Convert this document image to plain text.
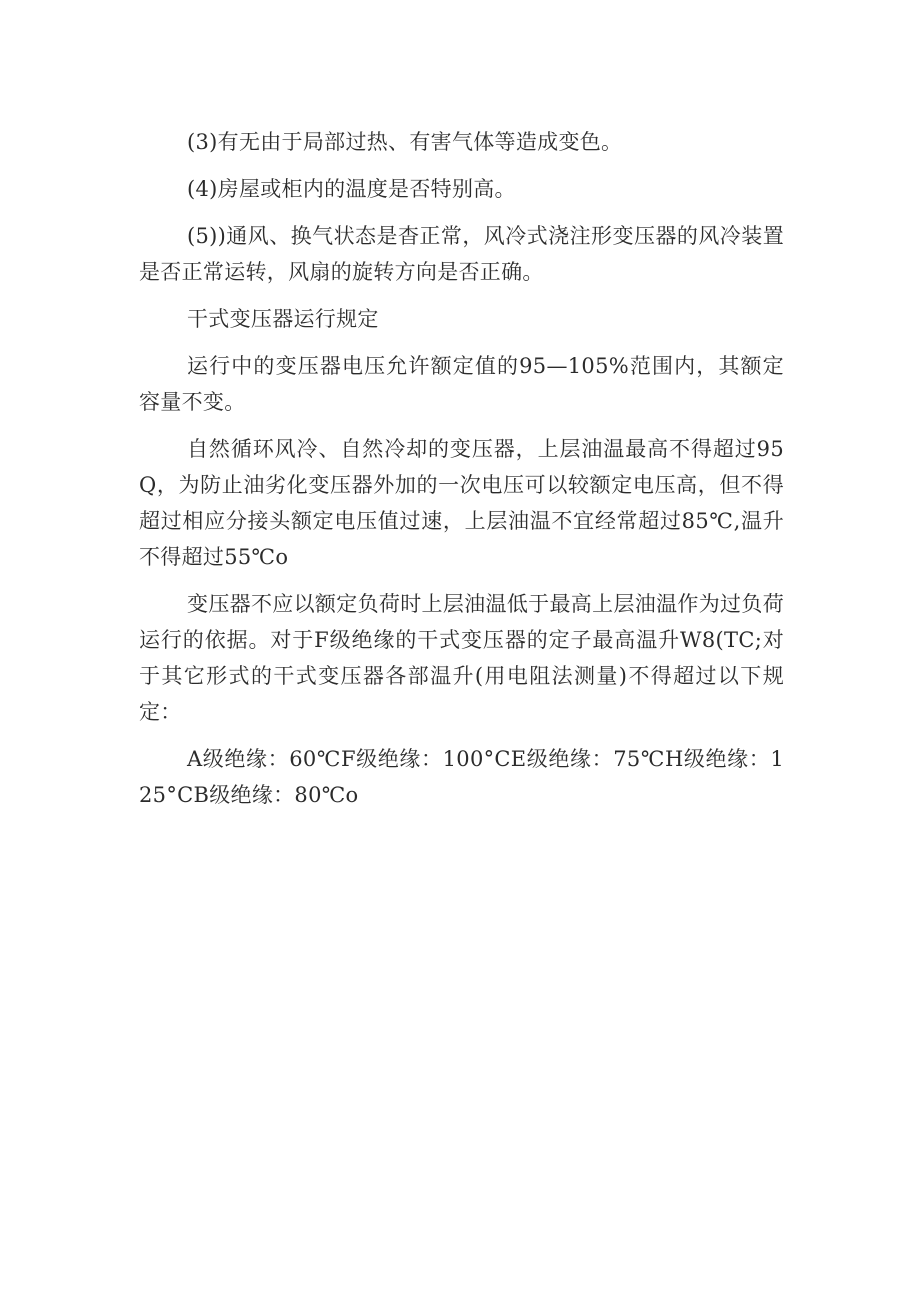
(3)有无由于局部过热、有害气体等造成变色。

(4)房屋或柜内的温度是否特别高。

(5))通风、换气状态是杳正常，风冷式浇注形变压器的风冷装置是否正常运转，风扇的旋转方向是否正确。

干式变压器运行规定

运行中的变压器电压允许额定值的95—105%范围内，其额定容量不变。

自然循环风冷、自然冷却的变压器，上层油温最高不得超过95Q，为防止油劣化变压器外加的一次电压可以较额定电压高，但不得超过相应分接头额定电压值过速，上层油温不宜经常超过85℃,温升不得超过55℃o

变压器不应以额定负荷时上层油温低于最高上层油温作为过负荷运行的依据。对于F级绝缘的干式变压器的定子最高温升W8(TC;对于其它形式的干式变压器各部温升(用电阻法测量)不得超过以下规定：

A级绝缘：60℃F级绝缘：100°CE级绝缘：75℃H级绝缘：125°CB级绝缘：80℃o
